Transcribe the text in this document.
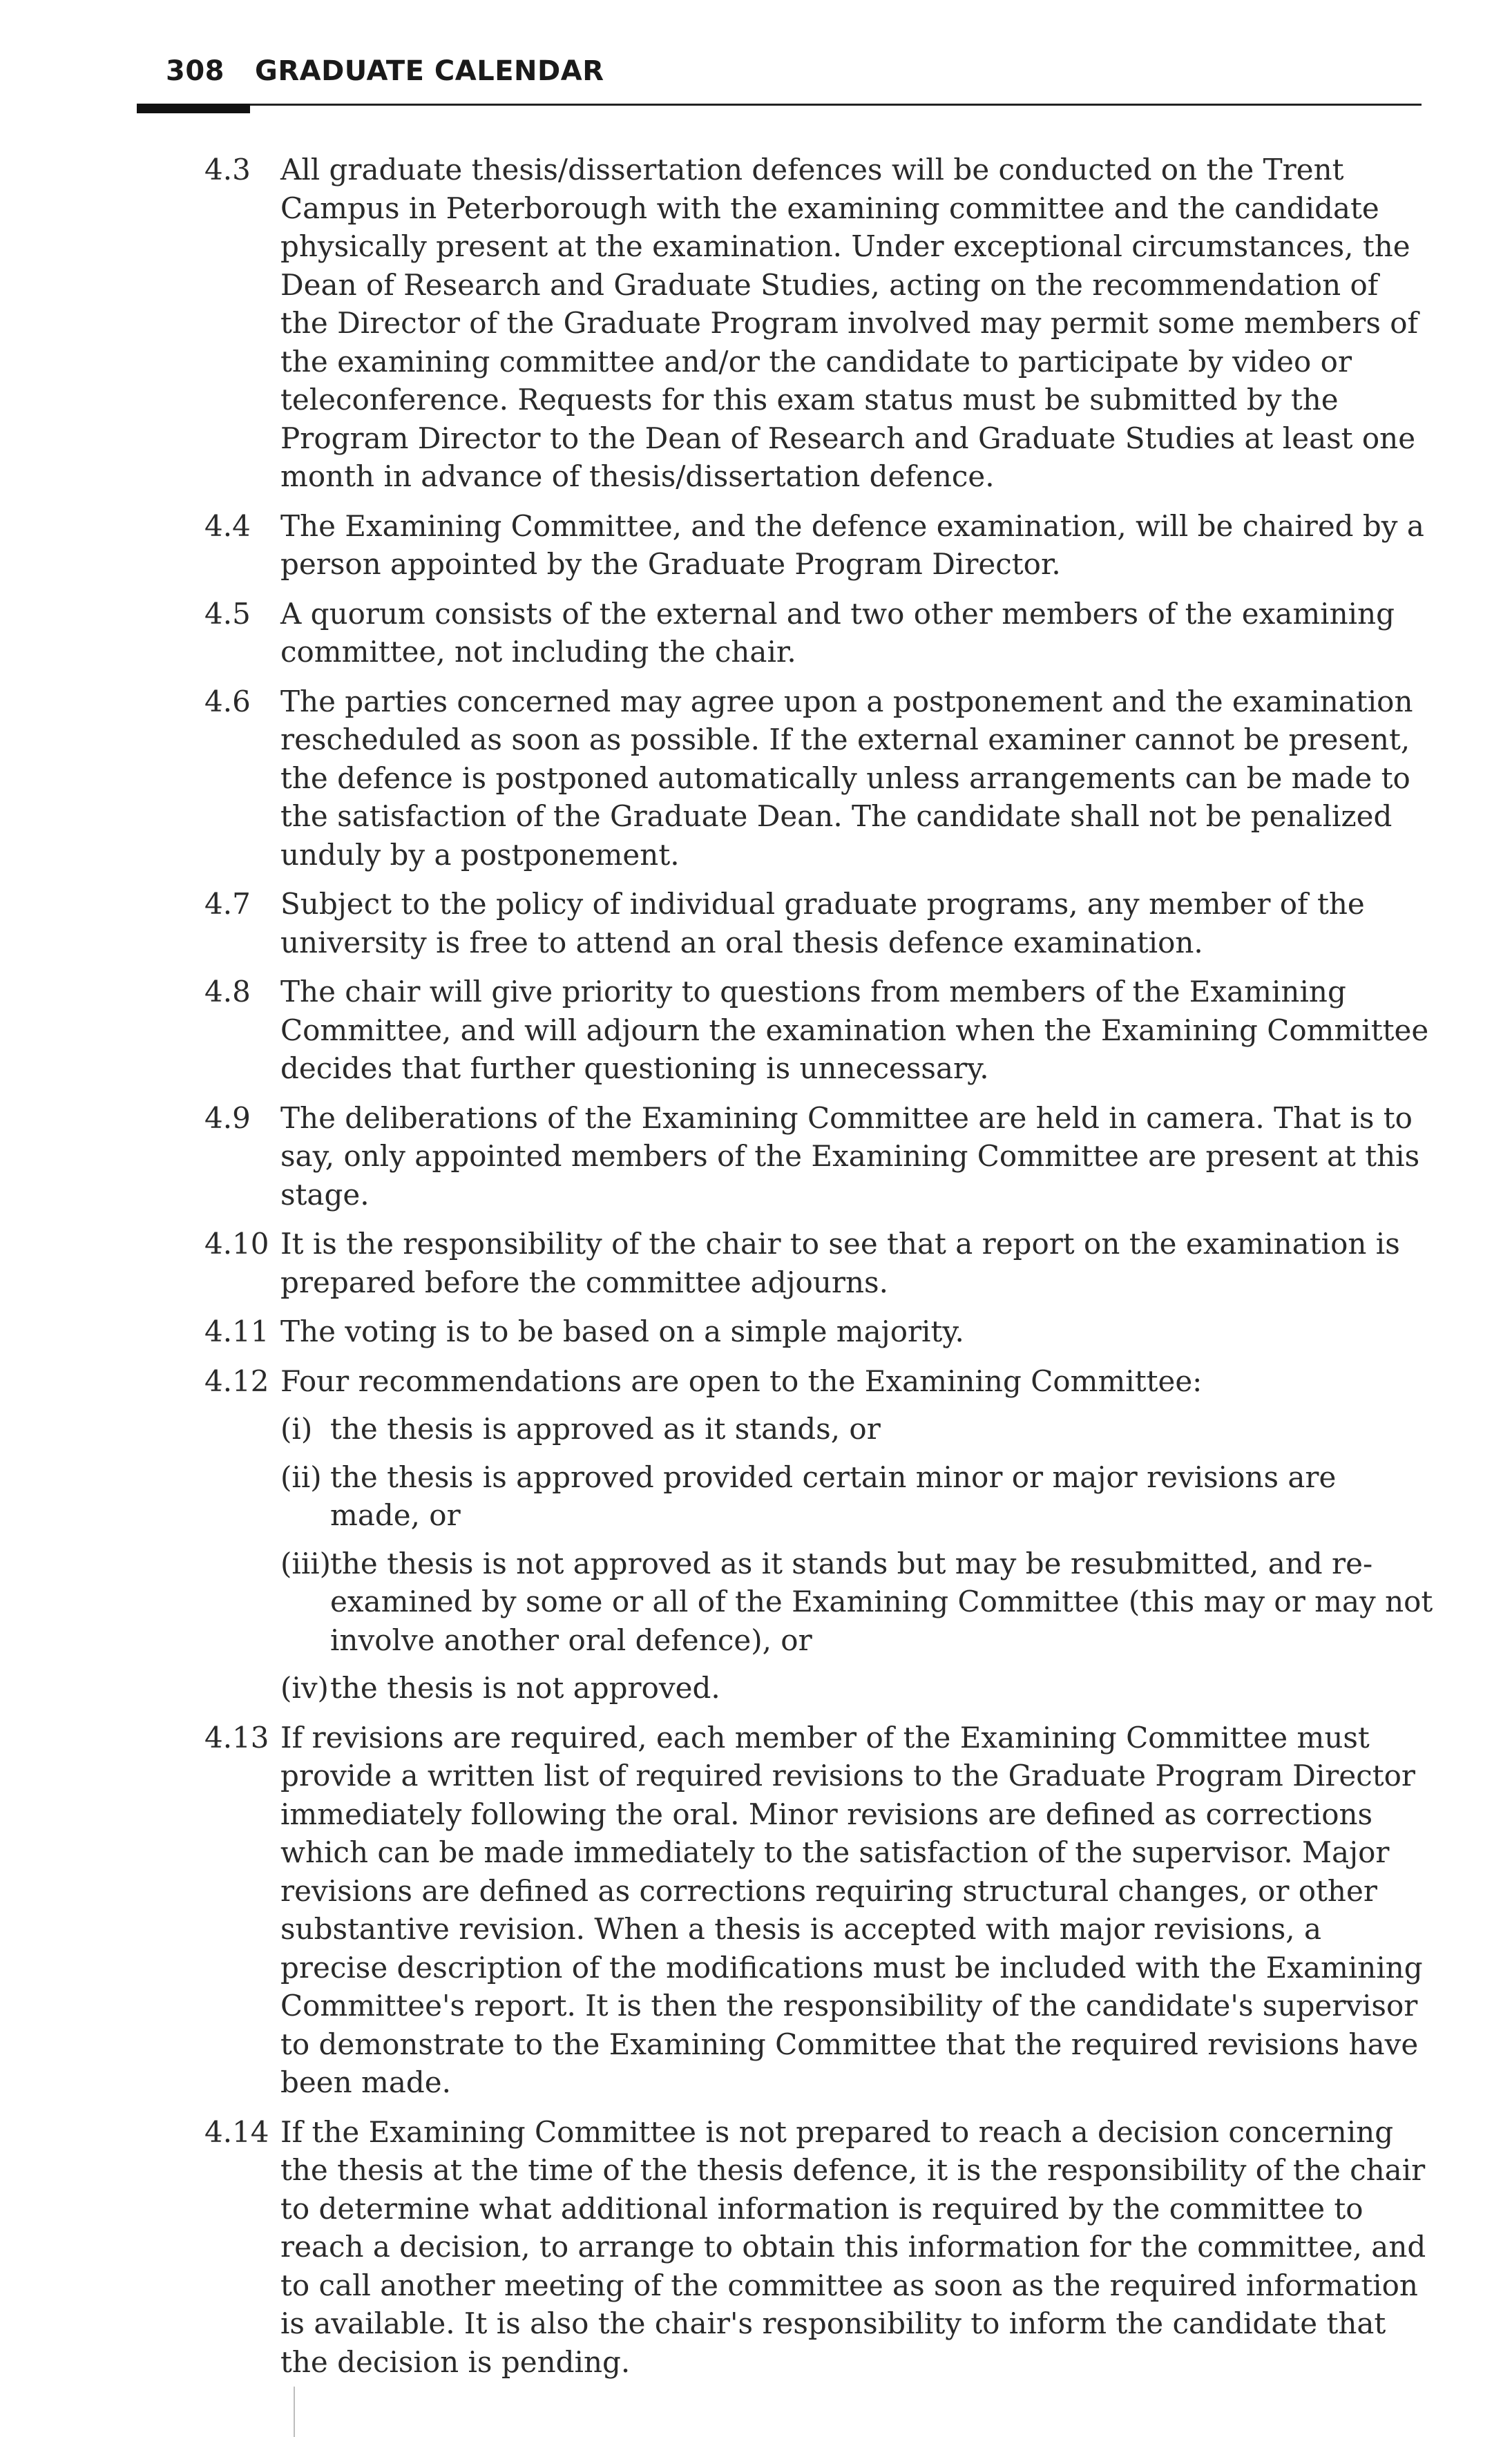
308 GRADUATE CALENDAR
4.3 All graduate thesis/dissertation defences will be conducted on the Trent Campus in Peterborough with the examining committee and the candidate physically present at the examination. Under exceptional circumstances, the Dean of Research and Graduate Studies, acting on the recommendation of the Director of the Graduate Program involved may permit some members of the examining committee and/or the candidate to participate by video or teleconference. Requests for this exam status must be submitted by the Program Director to the Dean of Research and Graduate Studies at least one month in advance of thesis/dissertation defence.
4.4 The Examining Committee, and the defence examination, will be chaired by a person appointed by the Graduate Program Director.
4.5 A quorum consists of the external and two other members of the examining committee, not including the chair.
4.6 The parties concerned may agree upon a postponement and the examination rescheduled as soon as possible. If the external examiner cannot be present, the defence is postponed automatically unless arrangements can be made to the satisfaction of the Graduate Dean. The candidate shall not be penalized unduly by a postponement.
4.7 Subject to the policy of individual graduate programs, any member of the university is free to attend an oral thesis defence examination.
4.8 The chair will give priority to questions from members of the Examining Committee, and will adjourn the examination when the Examining Committee decides that further questioning is unnecessary.
4.9 The deliberations of the Examining Committee are held in camera. That is to say, only appointed members of the Examining Committee are present at this stage.
4.10 It is the responsibility of the chair to see that a report on the examination is prepared before the committee adjourns.
4.11 The voting is to be based on a simple majority.
4.12 Four recommendations are open to the Examining Committee:
(i) the thesis is approved as it stands, or
(ii) the thesis is approved provided certain minor or major revisions are made, or
(iii)
the thesis is not approved as it stands but may be resubmitted, and re-examined by some or all of the Examining Committee (this may or may not involve another oral defence), or
(iv) the thesis is not approved.
4.13 If revisions are required, each member of the Examining Committee must provide a written list of required revisions to the Graduate Program Director immediately following the oral. Minor revisions are defined as corrections which can be made immediately to the satisfaction of the supervisor. Major revisions are defined as corrections requiring structural changes, or other substantive revision. When a thesis is accepted with major revisions, a precise description of the modifications must be included with the Examining Committee's report. It is then the responsibility of the candidate's supervisor to demonstrate to the Examining Committee that the required revisions have been made.
4.14 If the Examining Committee is not prepared to reach a decision concerning the thesis at the time of the thesis defence, it is the responsibility of the chair to determine what additional information is required by the committee to reach a decision, to arrange to obtain this information for the committee, and to call another meeting of the committee as soon as the required information is available. It is also the chair's responsibility to inform the candidate that the decision is pending.
